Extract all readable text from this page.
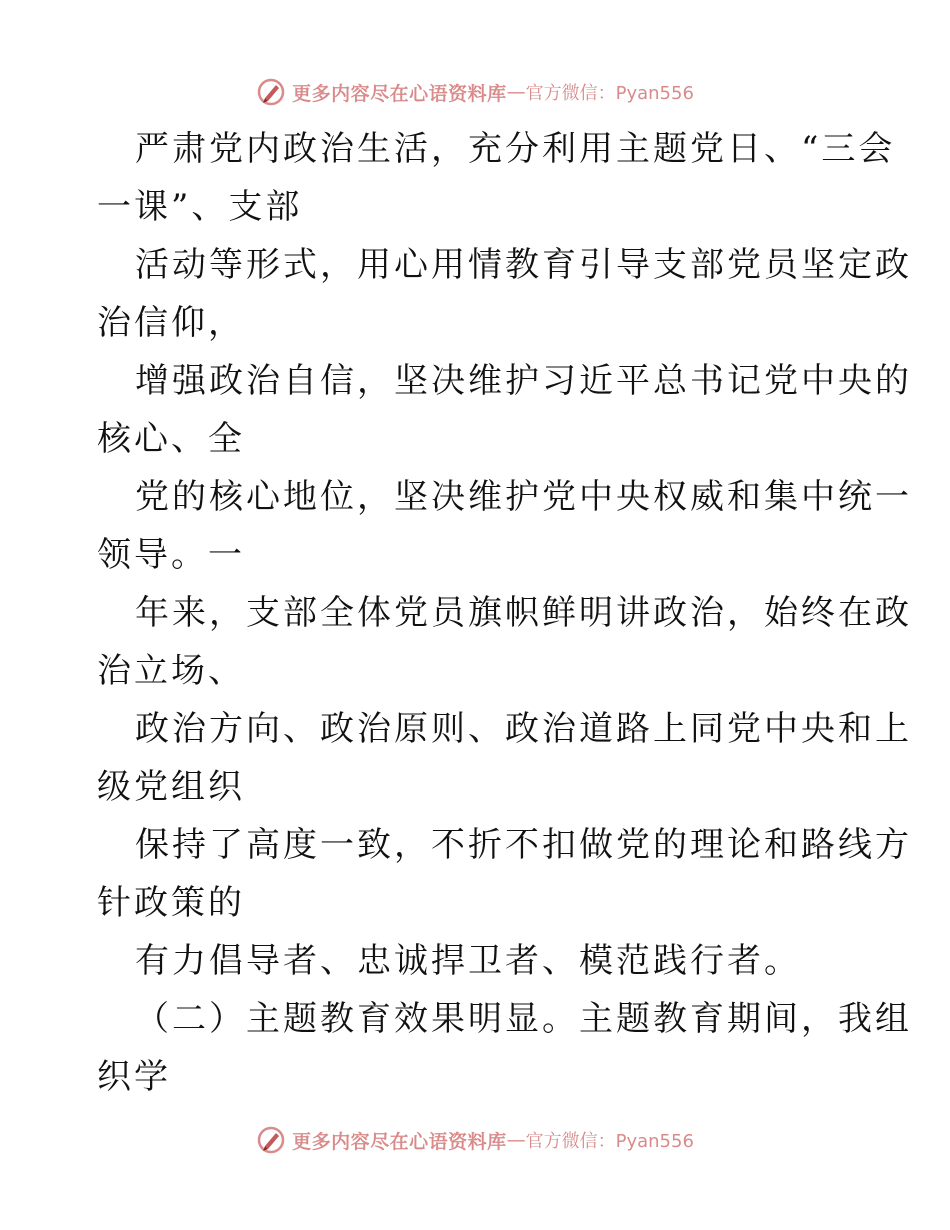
更多内容尽在心语资料库 — 官方微信：Pyan556
严肃党内政治生活，充分利用主题党日、“三会
一课”、支部
活动等形式，用心用情教育引导支部党员坚定政
治信仰，
增强政治自信，坚决维护习近平总书记党中央的
核心、全
党的核心地位，坚决维护党中央权威和集中统一
领导。一
年来，支部全体党员旗帜鲜明讲政治，始终在政
治立场、
政治方向、政治原则、政治道路上同党中央和上
级党组织
保持了高度一致，不折不扣做党的理论和路线方
针政策的
有力倡导者、忠诚捍卫者、模范践行者。
（二）主题教育效果明显。主题教育期间，我组
织学
更多内容尽在心语资料库 — 官方微信：Pyan556
